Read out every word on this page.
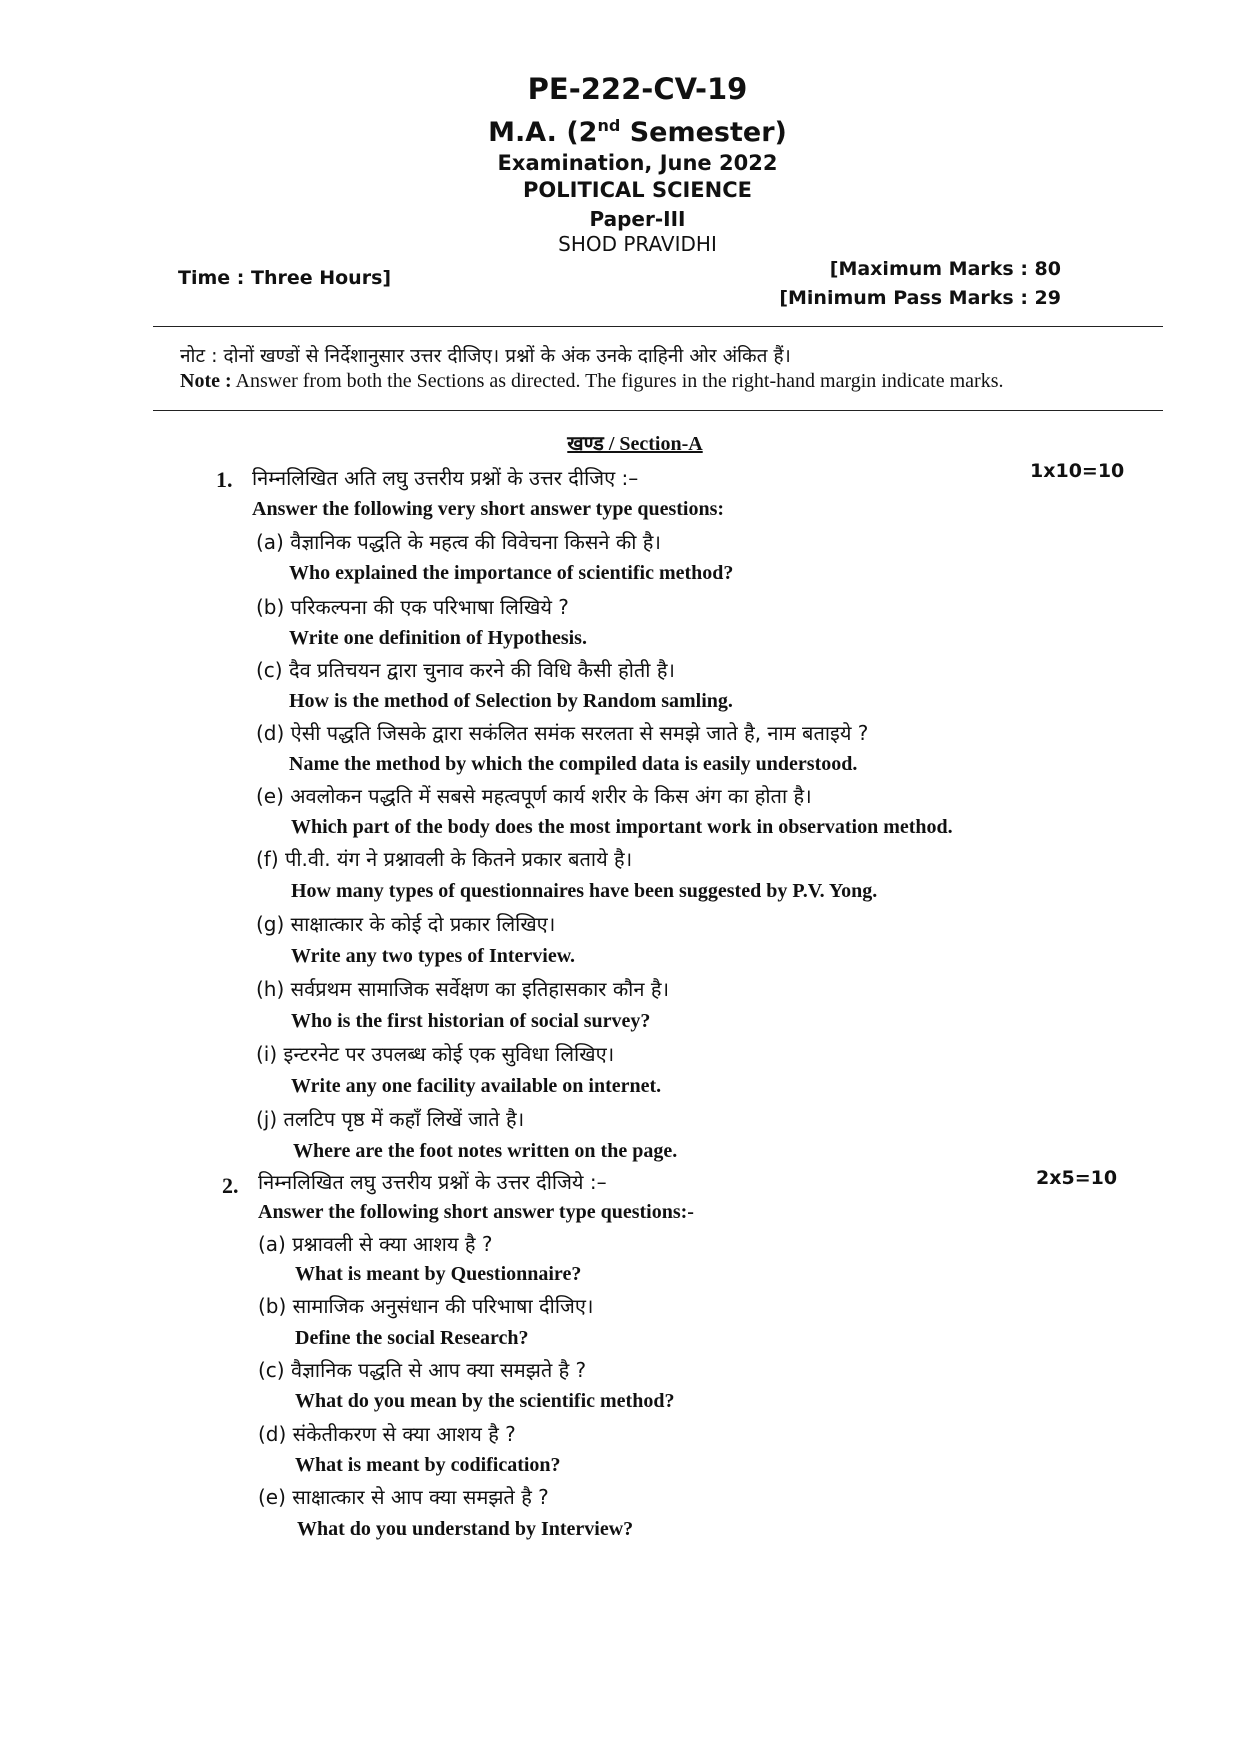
PE-222-CV-19
M.A. (2nd Semester)
Examination, June 2022
POLITICAL SCIENCE
Paper-III
SHOD PRAVIDHI
Time : Three Hours]	[Maximum Marks : 80
[Minimum Pass Marks : 29
नोट : दोनों खण्डों से निर्देशानुसार उत्तर दीजिए। प्रश्नों के अंक उनके दाहिनी ओर अंकित हैं।
Note : Answer from both the Sections as directed. The figures in the right-hand margin indicate marks.
खण्ड / Section-A
1. निम्नलिखित अति लघु उत्तरीय प्रश्नों के उत्तर दीजिए :–	1x10=10
Answer the following very short answer type questions:
(a) वैज्ञानिक पद्धति के महत्व की विवेचना किसने की है।
Who explained the importance of scientific method?
(b) परिकल्पना की एक परिभाषा लिखिये ?
Write one definition of Hypothesis.
(c) दैव प्रतिचयन द्वारा चुनाव करने की विधि कैसी होती है।
How is the method of Selection by Random samling.
(d) ऐसी पद्धति जिसके द्वारा सकंलित समंक सरलता से समझे जाते है, नाम बताइये ?
Name the method by which the compiled data is easily understood.
(e) अवलोकन पद्धति में सबसे महत्वपूर्ण कार्य शरीर के किस अंग का होता है।
Which part of the body does the most important work in observation method.
(f) पी.वी. यंग ने प्रश्नावली के कितने प्रकार बताये है।
How many types of questionnaires have been suggested by P.V. Yong.
(g) साक्षात्कार के कोई दो प्रकार लिखिए।
Write any two types of Interview.
(h) सर्वप्रथम सामाजिक सर्वेक्षण का इतिहासकार कौन है।
Who is the first historian of social survey?
(i) इन्टरनेट पर उपलब्ध कोई एक सुविधा लिखिए।
Write any one facility available on internet.
(j) तलटिप पृष्ठ में कहाँ लिखें जाते है।
Where are the foot notes written on the page.
2. निम्नलिखित लघु उत्तरीय प्रश्नों के उत्तर दीजिये :–	2x5=10
Answer the following short answer type questions:-
(a) प्रश्नावली से क्या आशय है ?
What is meant by Questionnaire?
(b) सामाजिक अनुसंधान की परिभाषा दीजिए।
Define the social Research?
(c) वैज्ञानिक पद्धति से आप क्या समझते है ?
What do you mean by the scientific method?
(d) संकेतीकरण से क्या आशय है ?
What is meant by codification?
(e) साक्षात्कार से आप क्या समझते है ?
What do you understand by Interview?
